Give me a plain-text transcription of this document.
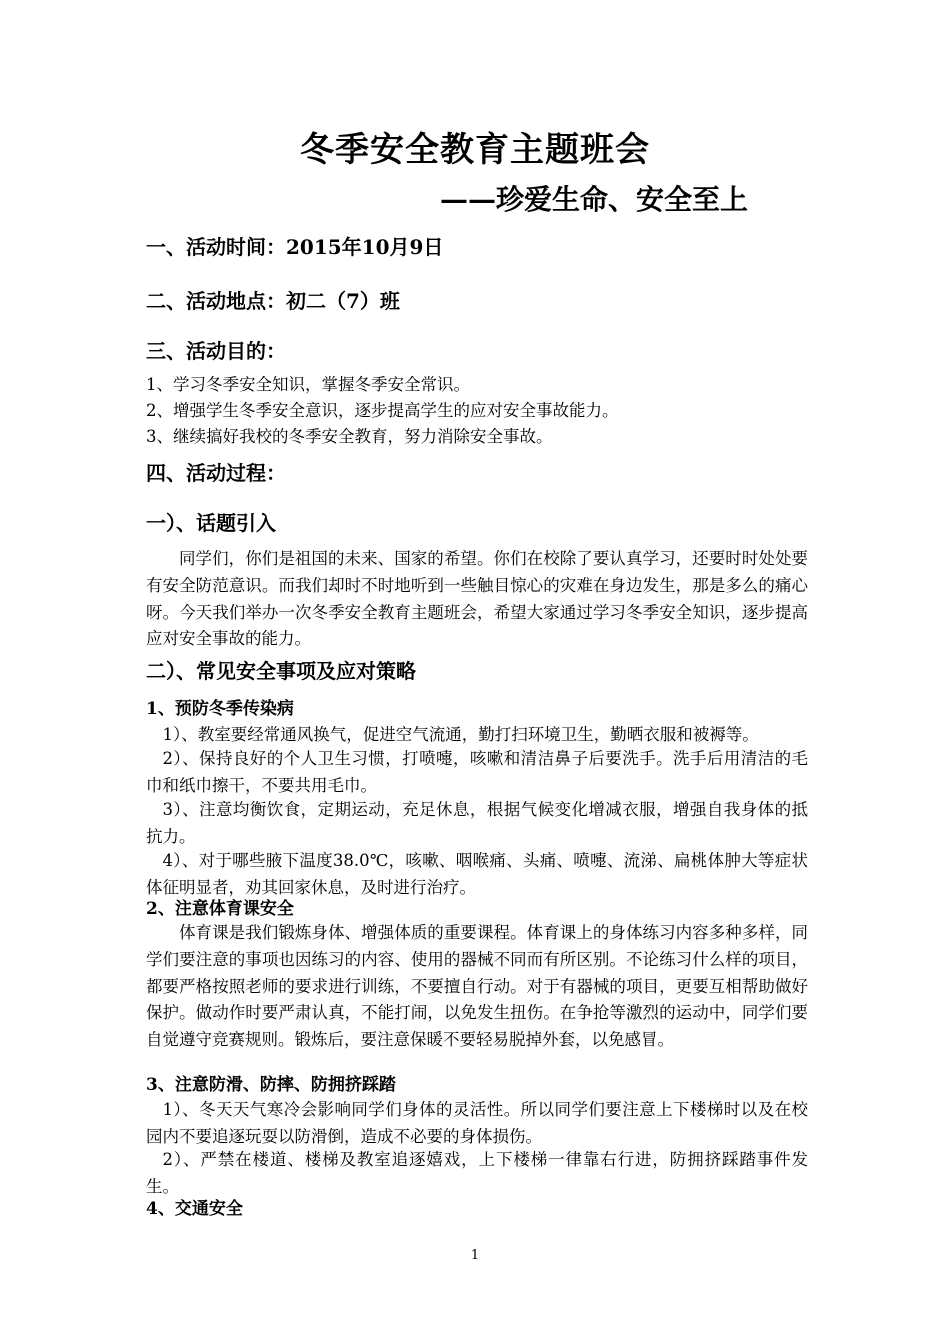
冬季安全教育主题班会
——珍爱生命、安全至上
一、活动时间：2015年10月9日
二、活动地点：初二（7）班
三、活动目的：
1、学习冬季安全知识，掌握冬季安全常识。
2、增强学生冬季安全意识，逐步提高学生的应对安全事故能力。
3、继续搞好我校的冬季安全教育，努力消除安全事故。
四、活动过程：
一）、话题引入
同学们，你们是祖国的未来、国家的希望。你们在校除了要认真学习，还要时时处处要有安全防范意识。而我们却时不时地听到一些触目惊心的灾难在身边发生，那是多么的痛心呀。今天我们举办一次冬季安全教育主题班会，希望大家通过学习冬季安全知识，逐步提高应对安全事故的能力。
二）、常见安全事项及应对策略
1、预防冬季传染病
1）、教室要经常通风换气，促进空气流通，勤打扫环境卫生，勤晒衣服和被褥等。
2）、保持良好的个人卫生习惯，打喷嚏，咳嗽和清洁鼻子后要洗手。洗手后用清洁的毛巾和纸巾擦干，不要共用毛巾。
3）、注意均衡饮食，定期运动，充足休息，根据气候变化增减衣服，增强自我身体的抵抗力。
4）、对于哪些腋下温度38.0℃，咳嗽、咽喉痛、头痛、喷嚏、流涕、扁桃体肿大等症状体征明显者，劝其回家休息，及时进行治疗。
2、注意体育课安全
体育课是我们锻炼身体、增强体质的重要课程。体育课上的身体练习内容多种多样，同学们要注意的事项也因练习的内容、使用的器械不同而有所区别。不论练习什么样的项目，都要严格按照老师的要求进行训练，不要擅自行动。对于有器械的项目，更要互相帮助做好保护。做动作时要严肃认真，不能打闹，以免发生扭伤。在争抢等激烈的运动中，同学们要自觉遵守竞赛规则。锻炼后，要注意保暖不要轻易脱掉外套，以免感冒。
3、注意防滑、防摔、防拥挤踩踏
1）、冬天天气寒冷会影响同学们身体的灵活性。所以同学们要注意上下楼梯时以及在校园内不要追逐玩耍以防滑倒，造成不必要的身体损伤。
2）、严禁在楼道、楼梯及教室追逐嬉戏，上下楼梯一律靠右行进，防拥挤踩踏事件发生。
4、交通安全
1
